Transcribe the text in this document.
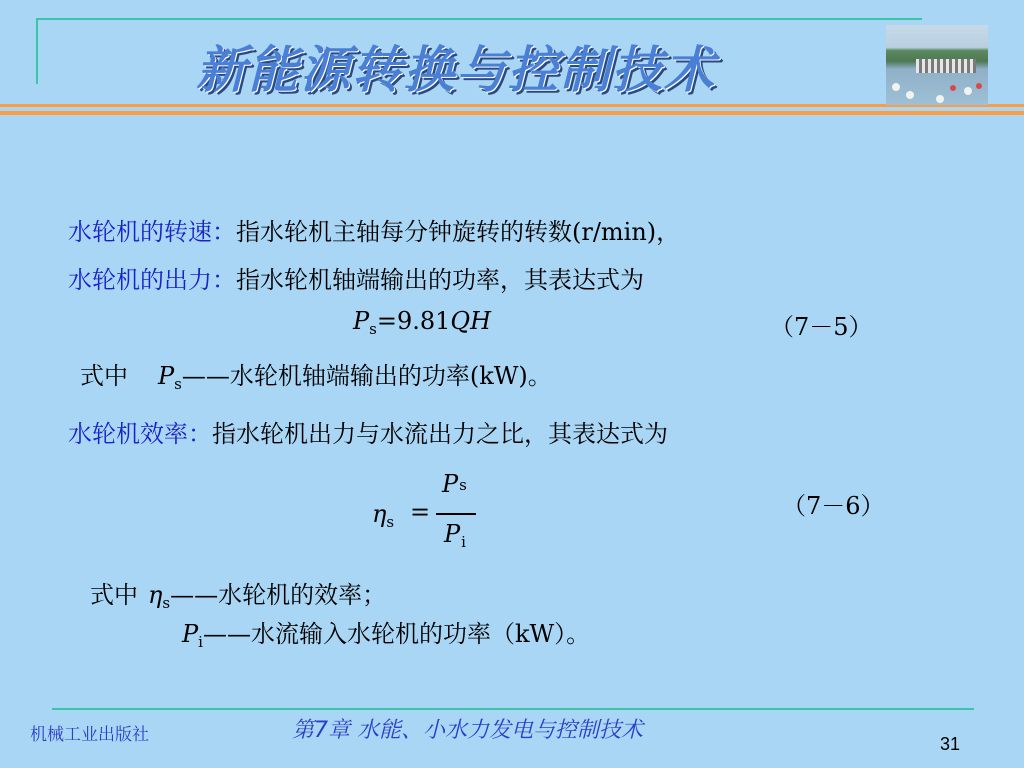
新能源转换与控制技术
水轮机的转速：指水轮机主轴每分钟旋转的转数(r/min)，
水轮机的出力：指水轮机轴端输出的功率，其表达式为
$P_s=9.81QH$	（7－5）
式中 $P_s——$水轮机轴端输出的功率(kW)。
水轮机效率：指水轮机出力与水流出力之比，其表达式为
$\eta_s$ =
Ps
$P_i$
（7－6）
式中 $\eta_s——$水轮机的效率；
$P_i——$水流输入水轮机的功率（kW）。
机械工业出版社	第7章 水能、小水力发电与控制技术
31
